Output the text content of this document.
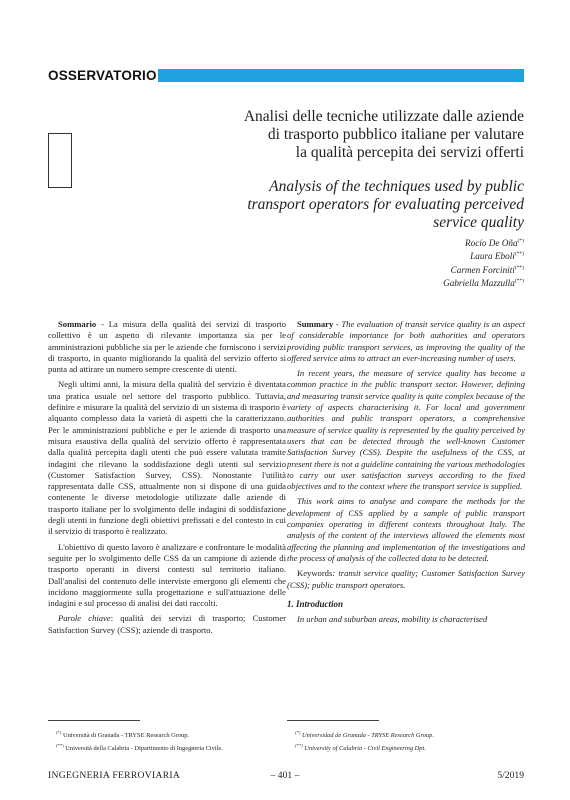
OSSERVATORIO
Analisi delle tecniche utilizzate dalle aziende
di trasporto pubblico italiane per valutare
la qualità percepita dei servizi offerti
Analysis of the techniques used by public
transport operators for evaluating perceived
service quality
Rocío De Oña(*)
Laura Eboli(**)
Carmen Forciniti(**)
Gabriella Mazzulla(**)

Sommario - La misura della qualità dei servizi di trasporto collettivo è un aspetto di rilevante importanza sia per le amministrazioni pubbliche sia per le aziende che forniscono i servizi di trasporto, in quanto migliorando la qualità del servizio offerto si punta ad attirare un numero sempre crescente di utenti.

Negli ultimi anni, la misura della qualità del servizio è diventata una pratica usuale nel settore del trasporto pubblico. Tuttavia, definire e misurare la qualità del servizio di un sistema di trasporto è alquanto complesso data la varietà di aspetti che la caratterizzano. Per le amministrazioni pubbliche e per le aziende di trasporto una misura esaustiva della qualità del servizio offerto è rappresentata dalla qualità percepita dagli utenti che può essere valutata tramite indagini che rilevano la soddisfazione degli utenti sul servizio (Customer Satisfaction Survey, CSS). Nonostante l'utilità rappresentata dalle CSS, attualmente non si dispone di una guida contenente le diverse metodologie utilizzate dalle aziende di trasporto italiane per lo svolgimento delle indagini di soddisfazione degli utenti in funzione degli obiettivi prefissati e del contesto in cui il servizio di trasporto è realizzato.

L'obiettivo di questo lavoro è analizzare e confrontare le modalità seguite per lo svolgimento delle CSS da un campione di aziende di trasporto operanti in diversi contesti sul territorio italiano. Dall'analisi del contenuto delle interviste emergono gli elementi che incidono maggiormente sulla progettazione e sull'attuazione delle indagini e sul processo di analisi dei dati raccolti.

Parole chiave: qualità dei servizi di trasporto; Customer Satisfaction Survey (CSS); aziende di trasporto.

Summary - The evaluation of transit service quality is an aspect of considerable importance for both authorities and operators providing public transport services, as improving the quality of the offered service aims to attract an ever-increasing number of users.

In recent years, the measure of service quality has become a common practice in the public transport sector. However, defining and measuring transit service quality is quite complex because of the variety of aspects characterising it. For local and government authorities and public transport operators, a comprehensive measure of service quality is represented by the quality perceived by users that can be detected through the well-known Customer Satisfaction Survey (CSS). Despite the usefulness of the CSS, at present there is not a guideline containing the various methodologies to carry out user satisfaction surveys according to the fixed objectives and to the context where the transport service is supplied.

This work aims to analyse and compare the methods for the development of CSS applied by a sample of public transport companies operating in different contexts throughout Italy. The analysis of the content of the interviews allowed the elements most affecting the planning and implementation of the investigations and the process of analysis of the collected data to be detected.

Keywords: transit service quality; Customer Satisfaction Survey (CSS); public transport operators.

1. Introduction

In urban and suburban areas, mobility is characterised

(*) Università di Granada - TRYSE Research Group.
(**) Università della Calabria - Dipartimento di Ingegneria Civile.
(*) Universidad de Granada - TRYSE Research Group.
(**) University of Calabria - Civil Engineering Dpt.
INGEGNERIA FERROVIARIA	– 401 –	5/2019
